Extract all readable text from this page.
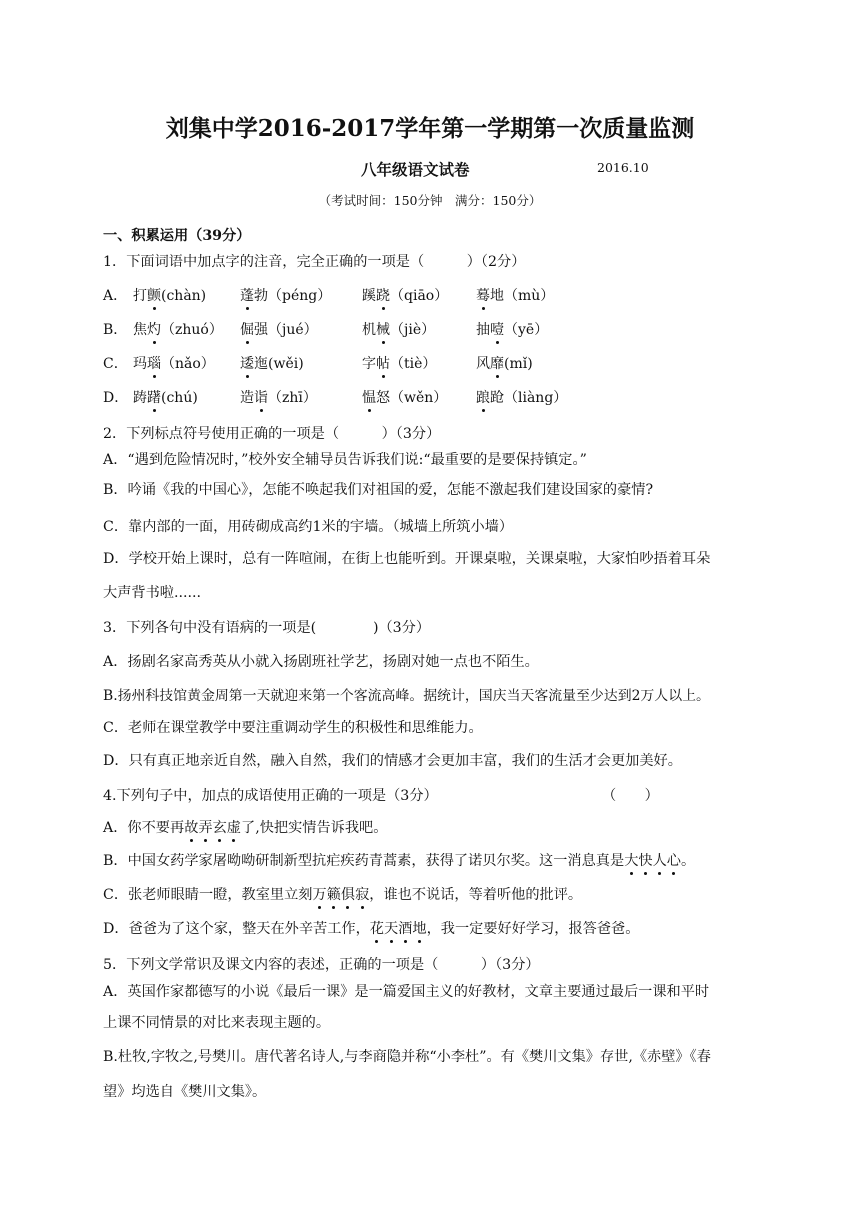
刘集中学2016-2017学年第一学期第一次质量监测
八年级语文试卷	2016.10
（考试时间：150分钟　满分：150分）
一、积累运用（39分）
1．下面词语中加点字的注音，完全正确的一项是（　　　）（2分）
A． 打颤(chàn) 蓬勃（péng） 蹊跷（qiāo） 蓦地（mù）
B． 焦灼（zhuó） 倔强（jué）	机械（jiè）	抽噎（yē）
C． 玛瑙（nǎo） 逶迤(wěi)	字帖（tiè）	风靡(mǐ)
D． 踌躇(chú)	造诣（zhī）	愠怒（wěn） 踉跄（liàng）
2．下列标点符号使用正确的一项是（　　　）（3分）
A．“遇到危险情况时，”校外安全辅导员告诉我们说:“最重要的是要保持镇定。”
B．吟诵《我的中国心》，怎能不唤起我们对祖国的爱，怎能不激起我们建设国家的豪情?
C．靠内部的一面，用砖砌成高约1米的宇墙。（城墙上所筑小墙）
D．学校开始上课时，总有一阵喧闹，在街上也能听到。开课桌啦，关课桌啦，大家怕吵捂着耳朵
大声背书啦......
3．下列各句中没有语病的一项是(　　　　)（3分）
A．扬剧名家高秀英从小就入扬剧班社学艺，扬剧对她一点也不陌生。
B.扬州科技馆黄金周第一天就迎来第一个客流高峰。据统计，国庆当天客流量至少达到2万人以上。
C．老师在课堂教学中要注重调动学生的积极性和思维能力。
D．只有真正地亲近自然，融入自然，我们的情感才会更加丰富，我们的生活才会更加美好。
4.下列句子中，加点的成语使用正确的一项是（3分）	（　　）
A．你不要再故弄玄虚了,快把实情告诉我吧。
B．中国女药学家屠呦呦研制新型抗疟疾药青蒿素，获得了诺贝尔奖。这一消息真是大快人心。
C．张老师眼睛一瞪，教室里立刻万籁俱寂，谁也不说话，等着听他的批评。
D．爸爸为了这个家，整天在外辛苦工作，花天酒地，我一定要好好学习，报答爸爸。
5．下列文学常识及课文内容的表述，正确的一项是（　　　）（3分）
A．英国作家都德写的小说《最后一课》是一篇爱国主义的好教材，文章主要通过最后一课和平时
上课不同情景的对比来表现主题的。
B.杜牧,字牧之,号樊川。唐代著名诗人,与李商隐并称“小李杜”。有《樊川文集》存世,《赤壁》《春
望》均选自《樊川文集》。
